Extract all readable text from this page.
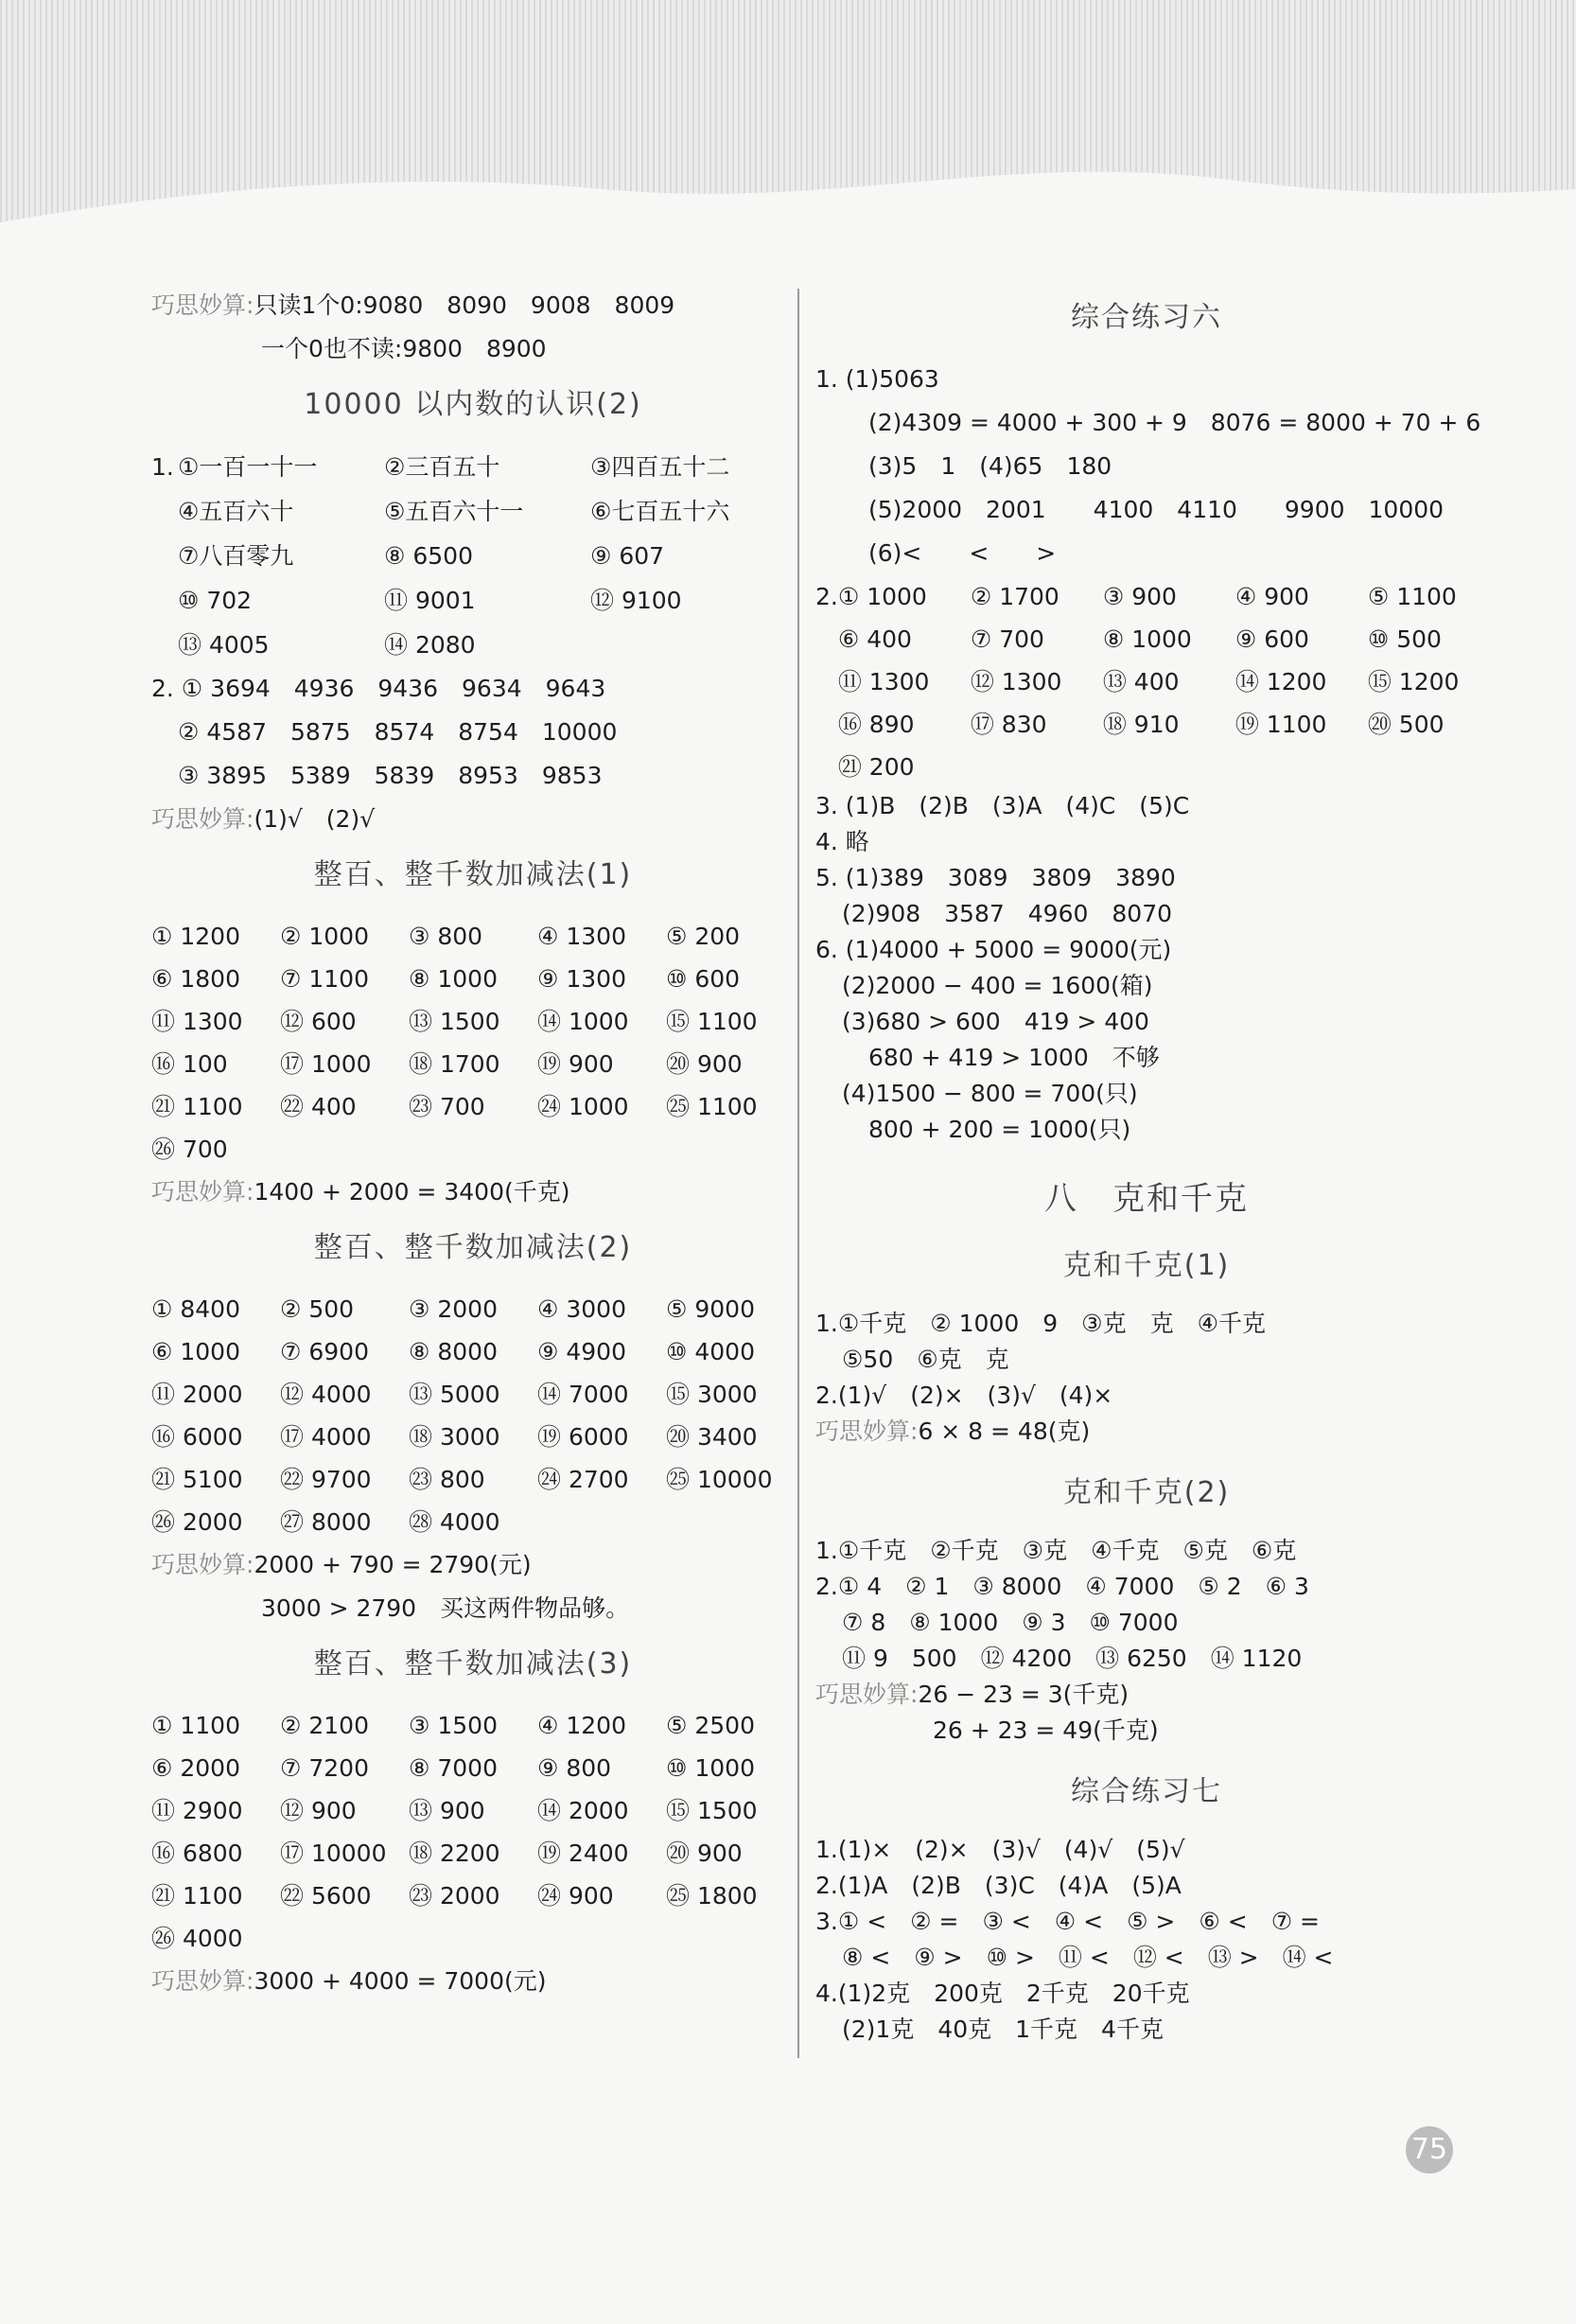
巧思妙算:只读1个0:9080　8090　9008　8009
一个0也不读:9800　8900
10000 以内数的认识(2)
1. ①一百一十一	②三百五十	③四百五十二
④五百六十	⑤五百六十一	⑥七百五十六
⑦八百零九	⑧ 6500	⑨ 607
⑩ 702	⑪ 9001	⑫ 9100
⑬ 4005	⑭ 2080
2. ① 3694　4936　9436　9634　9643
② 4587　5875　8574　8754　10000
③ 3895　5389　5839　8953　9853
巧思妙算:(1)√　(2)√
整百、整千数加减法(1)
① 1200	② 1000	③ 800	④ 1300	⑤ 200
⑥ 1800	⑦ 1100	⑧ 1000	⑨ 1300	⑩ 600
⑪ 1300	⑫ 600	⑬ 1500	⑭ 1000	⑮ 1100
⑯ 100	⑰ 1000	⑱ 1700	⑲ 900	⑳ 900
㉑ 1100	㉒ 400	㉓ 700	㉔ 1000	㉕ 1100
㉖ 700
巧思妙算:1400 + 2000 = 3400(千克)
整百、整千数加减法(2)
① 8400	② 500	③ 2000	④ 3000	⑤ 9000
⑥ 1000	⑦ 6900	⑧ 8000	⑨ 4900	⑩ 4000
⑪ 2000	⑫ 4000	⑬ 5000	⑭ 7000	⑮ 3000
⑯ 6000	⑰ 4000	⑱ 3000	⑲ 6000	⑳ 3400
㉑ 5100	㉒ 9700	㉓ 800	㉔ 2700	㉕ 10000
㉖ 2000	㉗ 8000	㉘ 4000
巧思妙算:2000 + 790 = 2790(元)
3000 > 2790　买这两件物品够。
整百、整千数加减法(3)
① 1100	② 2100	③ 1500	④ 1200	⑤ 2500
⑥ 2000	⑦ 7200	⑧ 7000	⑨ 800	⑩ 1000
⑪ 2900	⑫ 900	⑬ 900	⑭ 2000	⑮ 1500
⑯ 6800	⑰ 10000 ⑱ 2200	⑲ 2400	⑳ 900
㉑ 1100	㉒ 5600	㉓ 2000	㉔ 900	㉕ 1800
㉖ 4000
巧思妙算:3000 + 4000 = 7000(元)
综合练习六
1. (1)5063
(2)4309 = 4000 + 300 + 9　8076 = 8000 + 70 + 6
(3)5　1　(4)65　180
(5)2000　2001　　4100　4110　　9900　10000
(6)<　　<　　>
2. ① 1000	② 1700	③ 900	④ 900	⑤ 1100
⑥ 400	⑦ 700	⑧ 1000	⑨ 600	⑩ 500
⑪ 1300	⑫ 1300	⑬ 400	⑭ 1200	⑮ 1200
⑯ 890	⑰ 830	⑱ 910	⑲ 1100	⑳ 500
㉑ 200
3. (1)B　(2)B　(3)A　(4)C　(5)C
4. 略
5. (1)389　3089　3809　3890
(2)908　3587　4960　8070
6. (1)4000 + 5000 = 9000(元)
(2)2000 − 400 = 1600(箱)
(3)680 > 600　419 > 400
680 + 419 > 1000　不够
(4)1500 − 800 = 700(只)
800 + 200 = 1000(只)
八　克和千克
克和千克(1)
1.①千克　② 1000　9　③克　克　④千克
⑤50　⑥克　克
2.(1)√　(2)×　(3)√　(4)×
巧思妙算:6 × 8 = 48(克)
克和千克(2)
1.①千克　②千克　③克　④千克　⑤克　⑥克
2.① 4　② 1　③ 8000　④ 7000　⑤ 2　⑥ 3
⑦ 8　⑧ 1000　⑨ 3　⑩ 7000
⑪ 9　500　⑫ 4200　⑬ 6250　⑭ 1120
巧思妙算:26 − 23 = 3(千克)
26 + 23 = 49(千克)
综合练习七
1.(1)×　(2)×　(3)√　(4)√　(5)√
2.(1)A　(2)B　(3)C　(4)A　(5)A
3.① <　② =　③ <　④ <　⑤ >　⑥ <　⑦ =
⑧ <　⑨ >　⑩ >　⑪ <　⑫ <　⑬ >　⑭ <
4.(1)2克　200克　2千克　20千克
(2)1克　40克　1千克　4千克
75
